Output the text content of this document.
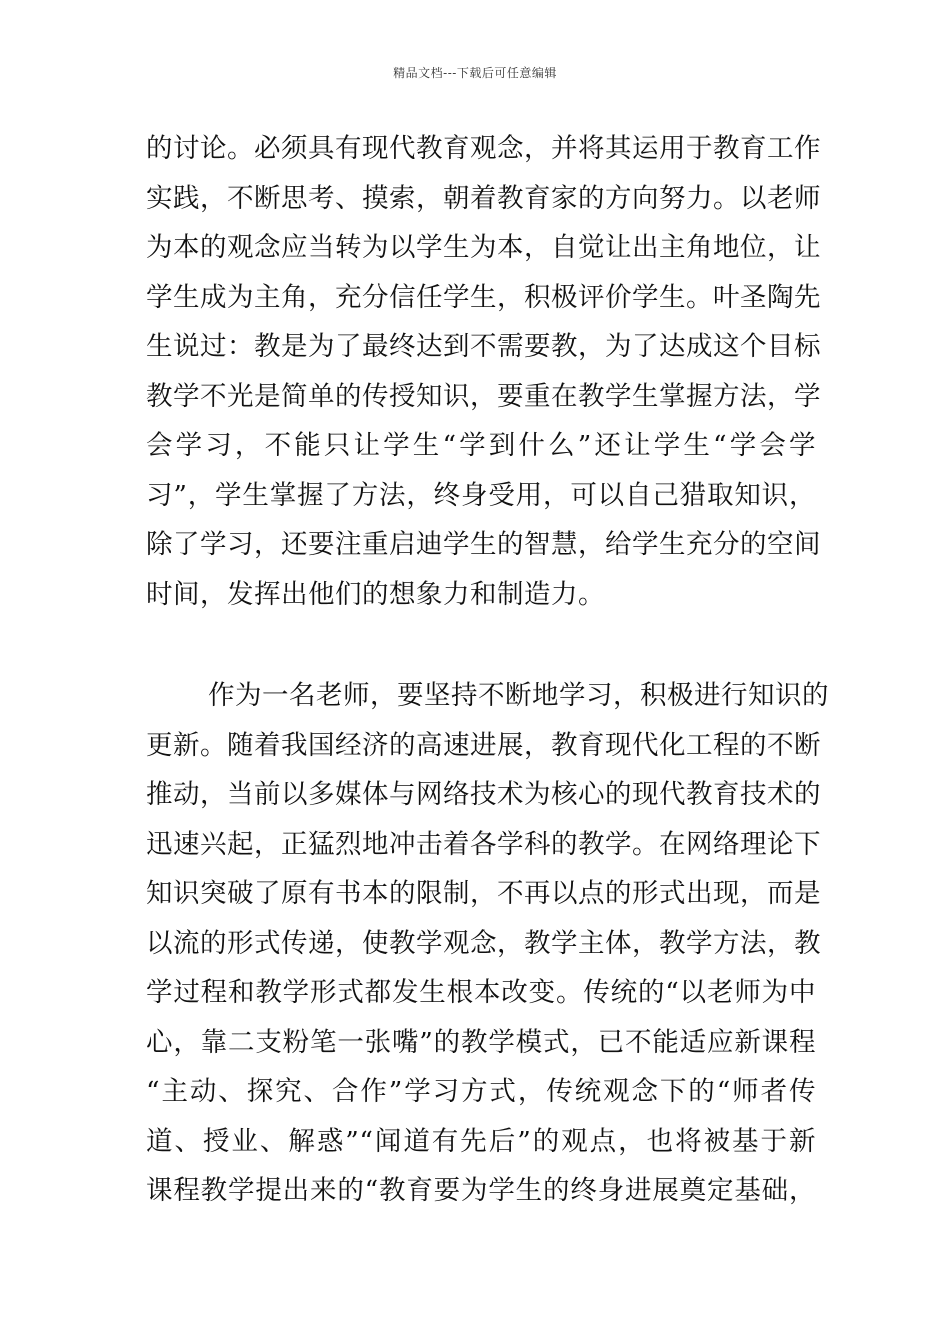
精品文档---下载后可任意编辑
的讨论。必须具有现代教育观念，并将其运用于教育工作
实践，不断思考、摸索，朝着教育家的方向努力。以老师
为本的观念应当转为以学生为本，自觉让出主角地位，让
学生成为主角，充分信任学生，积极评价学生。叶圣陶先
生说过：教是为了最终达到不需要教，为了达成这个目标
教学不光是简单的传授知识，要重在教学生掌握方法，学
会学习，不能只让学生“学到什么”还让学生“学会学
习”，学生掌握了方法，终身受用，可以自己猎取知识，
除了学习，还要注重启迪学生的智慧，给学生充分的空间
时间，发挥出他们的想象力和制造力。
作为一名老师，要坚持不断地学习，积极进行知识的
更新。随着我国经济的高速进展，教育现代化工程的不断
推动，当前以多媒体与网络技术为核心的现代教育技术的
迅速兴起，正猛烈地冲击着各学科的教学。在网络理论下
知识突破了原有书本的限制，不再以点的形式出现，而是
以流的形式传递，使教学观念，教学主体，教学方法，教
学过程和教学形式都发生根本改变。传统的“以老师为中
心，靠二支粉笔一张嘴”的教学模式，已不能适应新课程
“主动、探究、合作”学习方式，传统观念下的“师者传
道、授业、解惑”“闻道有先后”的观点，也将被基于新
课程教学提出来的“教育要为学生的终身进展奠定基础，
